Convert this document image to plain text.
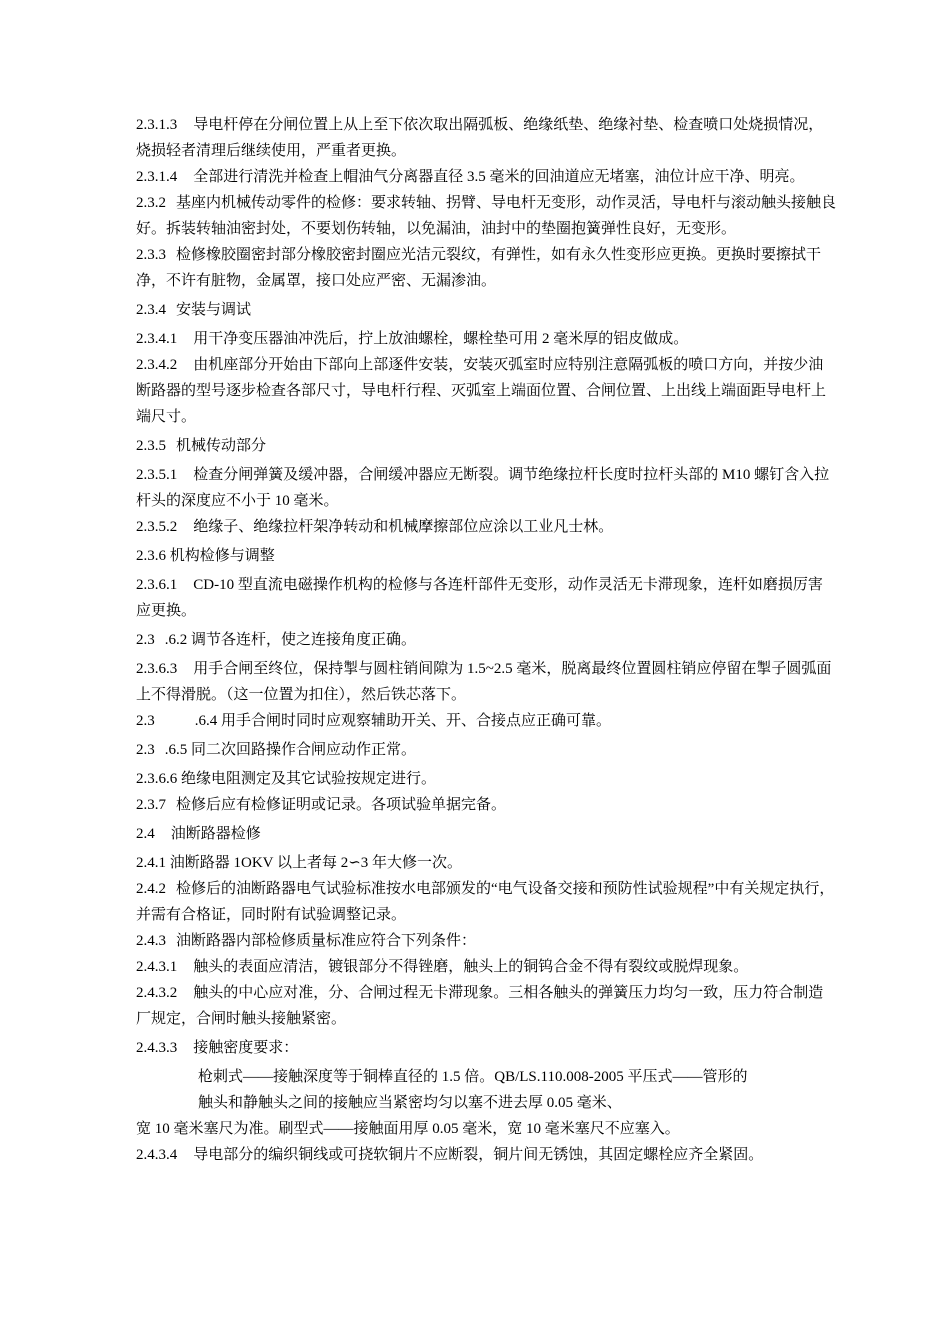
2.3.1.3 导电杆停在分闸位置上从上至下依次取出隔弧板、绝缘纸垫、绝缘衬垫、检查喷口处烧损情况，烧损轻者清理后继续使用，严重者更换。

2.3.1.4 全部进行清洗并检查上帽油气分离器直径 3.5 毫米的回油道应无堵塞，油位计应干净、明亮。

2.3.2 基座内机械传动零件的检修：要求转轴、拐臂、导电杆无变形，动作灵活，导电杆与滚动触头接触良好。拆装转轴油密封处，不要划伤转轴，以免漏油，油封中的垫圈抱簧弹性良好，无变形。

2.3.3 检修橡胶圈密封部分橡胶密封圈应光洁元裂纹，有弹性，如有永久性变形应更换。更换时要擦拭干净，不许有脏物，金属罩，接口处应严密、无漏渗油。

2.3.4 安装与调试

2.3.4.1 用干净变压器油冲洗后，拧上放油螺栓，螺栓垫可用 2 毫米厚的铝皮做成。

2.3.4.2 由机座部分开始由下部向上部逐件安装，安装灭弧室时应特别注意隔弧板的喷口方向，并按少油断路器的型号逐步检查各部尺寸，导电杆行程、灭弧室上端面位置、合闸位置、上出线上端面距导电杆上端尺寸。

2.3.5 机械传动部分

2.3.5.1 检查分闸弹簧及缓冲器，合闸缓冲器应无断裂。调节绝缘拉杆长度时拉杆头部的 M10 螺钉含入拉杆头的深度应不小于 10 毫米。

2.3.5.2 绝缘子、绝缘拉杆架净转动和机械摩擦部位应涂以工业凡士林。

2.3.6 机构检修与调整

2.3.6.1 CD-10 型直流电磁操作机构的检修与各连杆部件无变形，动作灵活无卡滞现象，连杆如磨损厉害应更换。

2.3 .6.2 调节各连杆，使之连接角度正确。

2.3.6.3 用手合闸至终位，保持掣与圆柱销间隙为 1.5~2.5 毫米，脱离最终位置圆柱销应停留在掣子圆弧面上不得滑脱。（这一位置为扣住），然后铁芯落下。

2.3　　.6.4 用手合闸时同时应观察辅助开关、开、合接点应正确可靠。

2.3 .6.5 同二次回路操作合闸应动作正常。

2.3.6.6 绝缘电阻测定及其它试验按规定进行。

2.3.7 检修后应有检修证明或记录。各项试验单据完备。

2.4 油断路器检修

2.4.1 油断路器 1OKV 以上者每 2∽3 年大修一次。

2.4.2 检修后的油断路器电气试验标准按水电部颁发的“电气设备交接和预防性试验规程”中有关规定执行，并需有合格证，同时附有试验调整记录。

2.4.3 油断路器内部检修质量标准应符合下列条件：

2.4.3.1 触头的表面应清洁，镀银部分不得锉磨，触头上的铜钨合金不得有裂纹或脱焊现象。

2.4.3.2 触头的中心应对准，分、合闸过程无卡滞现象。三相各触头的弹簧压力均匀一致，压力符合制造厂规定，合闸时触头接触紧密。

2.4.3.3 接触密度要求：

枪刺式——接触深度等于铜棒直径的 1.5 倍。QB/LS.110.008-2005 平压式——管形的

触头和静触头之间的接触应当紧密均匀以塞不进去厚 0.05 毫米、

宽 10 毫米塞尺为准。刷型式——接触面用厚 0.05 毫米，宽 10 毫米塞尺不应塞入。

2.4.3.4 导电部分的编织铜线或可挠软铜片不应断裂，铜片间无锈蚀，其固定螺栓应齐全紧固。
